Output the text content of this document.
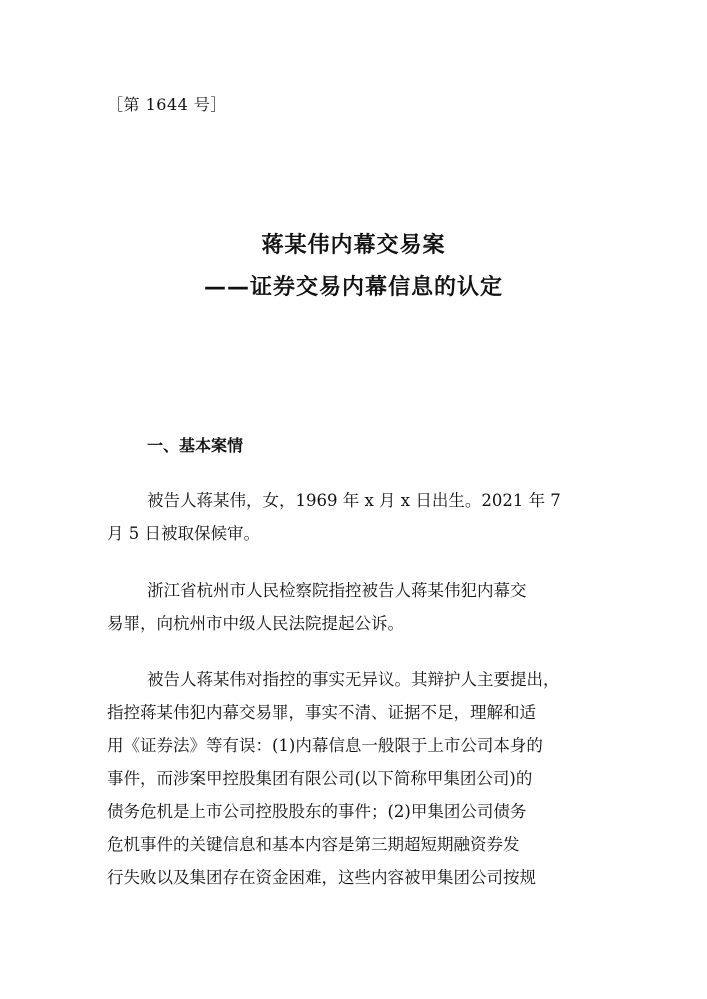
［第 1644 号］
蒋某伟内幕交易案
——证券交易内幕信息的认定
一、基本案情
被告人蒋某伟，女，1969 年 x 月 x 日出生。2021 年 7
月 5 日被取保候审。
浙江省杭州市人民检察院指控被告人蒋某伟犯内幕交
易罪，向杭州市中级人民法院提起公诉。
被告人蒋某伟对指控的事实无异议。其辩护人主要提出，
指控蒋某伟犯内幕交易罪，事实不清、证据不足，理解和适
用《证券法》等有误：(1)内幕信息一般限于上市公司本身的
事件，而涉案甲控股集团有限公司(以下简称甲集团公司)的
债务危机是上市公司控股股东的事件；(2)甲集团公司债务
危机事件的关键信息和基本内容是第三期超短期融资券发
行失败以及集团存在资金困难，这些内容被甲集团公司按规
